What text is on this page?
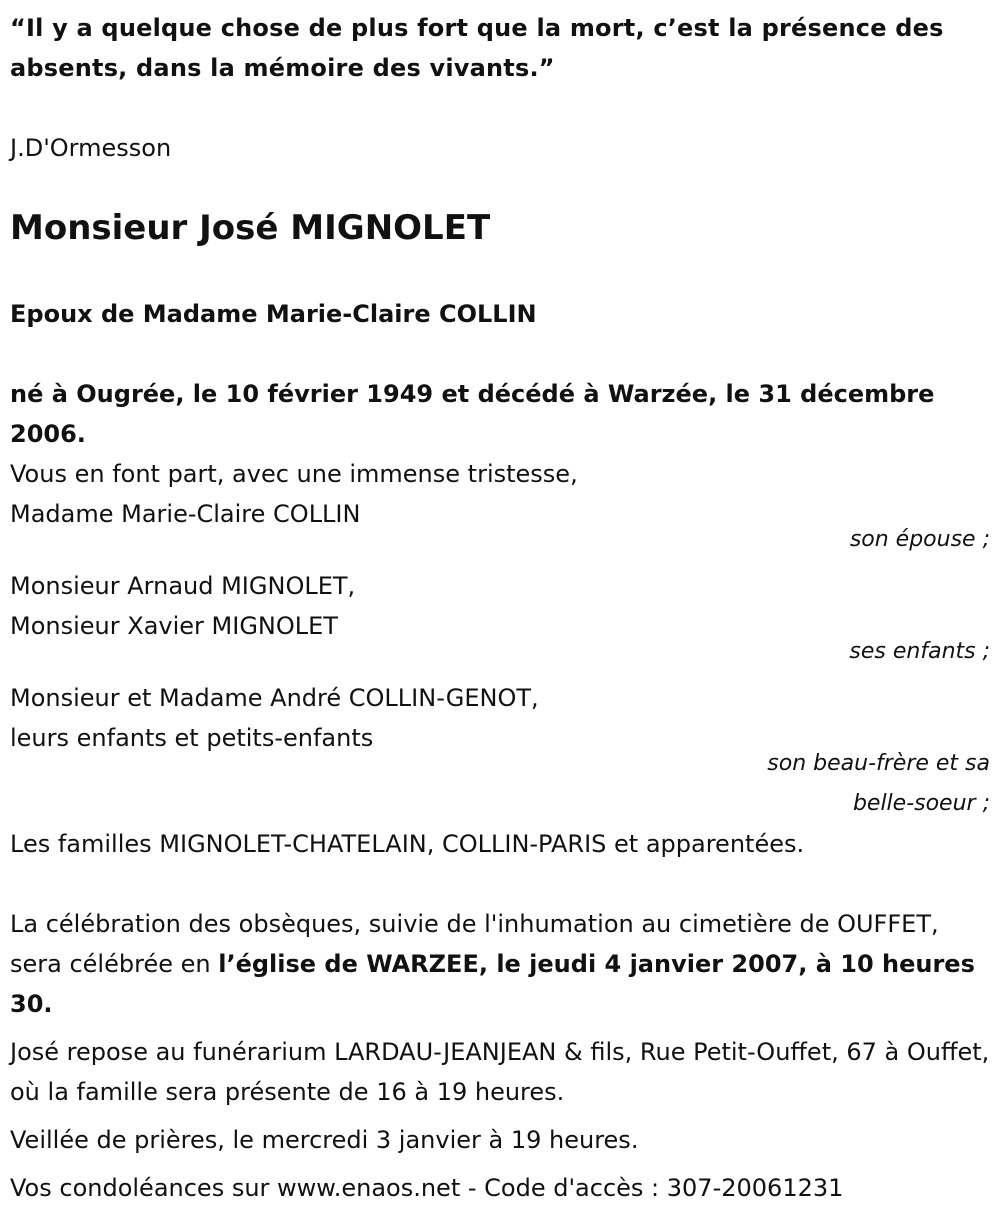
“Il y a quelque chose de plus fort que la mort, c’est la présence des absents, dans la mémoire des vivants.”

J.D'Ormesson

Monsieur José MIGNOLET

Epoux de Madame Marie-Claire COLLIN

né à Ougrée, le 10 février 1949 et décédé à Warzée, le 31 décembre 2006.

Vous en font part, avec une immense tristesse,

Madame Marie-Claire COLLIN

son épouse ;

Monsieur Arnaud MIGNOLET,

Monsieur Xavier MIGNOLET

ses enfants ;

Monsieur et Madame André COLLIN-GENOT,

leurs enfants et petits-enfants

son beau-frère et sa

belle-soeur ;

Les familles MIGNOLET-CHATELAIN, COLLIN-PARIS et apparentées.

La célébration des obsèques, suivie de l'inhumation au cimetière de OUFFET, sera célébrée en l’église de WARZEE, le jeudi 4 janvier 2007, à 10 heures 30.

José repose au funérarium LARDAU-JEANJEAN & fils, Rue Petit-Ouffet, 67 à Ouffet, où la famille sera présente de 16 à 19 heures.

Veillée de prières, le mercredi 3 janvier à 19 heures.

Vos condoléances sur www.enaos.net - Code d'accès : 307-20061231
